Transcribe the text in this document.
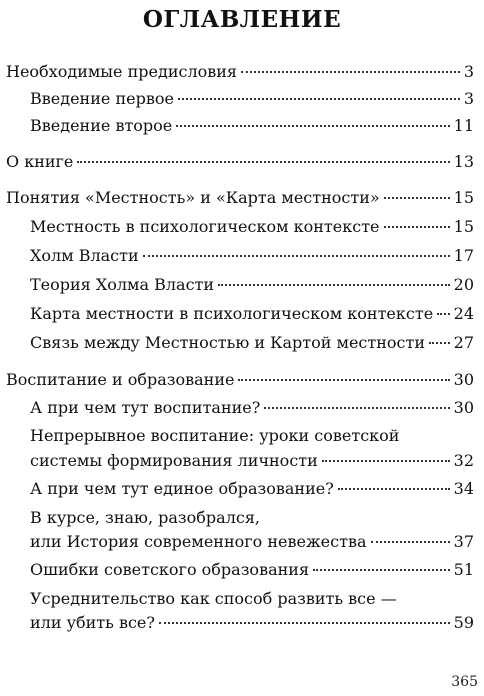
ОГЛАВЛЕНИЕ
Необходимые предисловия	3
Введение первое	3
Введение второе	11
О книге	13
Понятия «Местность» и «Карта местности»	15
Местность в психологическом контексте	15
Холм Власти	17
Теория Холма Власти	20
Карта местности в психологическом контексте 24
Связь между Местностью и Картой местности 27
Воспитание и образование	30
А при чем тут воспитание?	30
Непрерывное воспитание: уроки советской
системы формирования личности	32
А при чем тут единое образование?	34
В курсе, знаю, разобрался,
или История современного невежества	37
Ошибки советского образования	51
Усреднительство как способ развить все —
или убить все?	59
365
